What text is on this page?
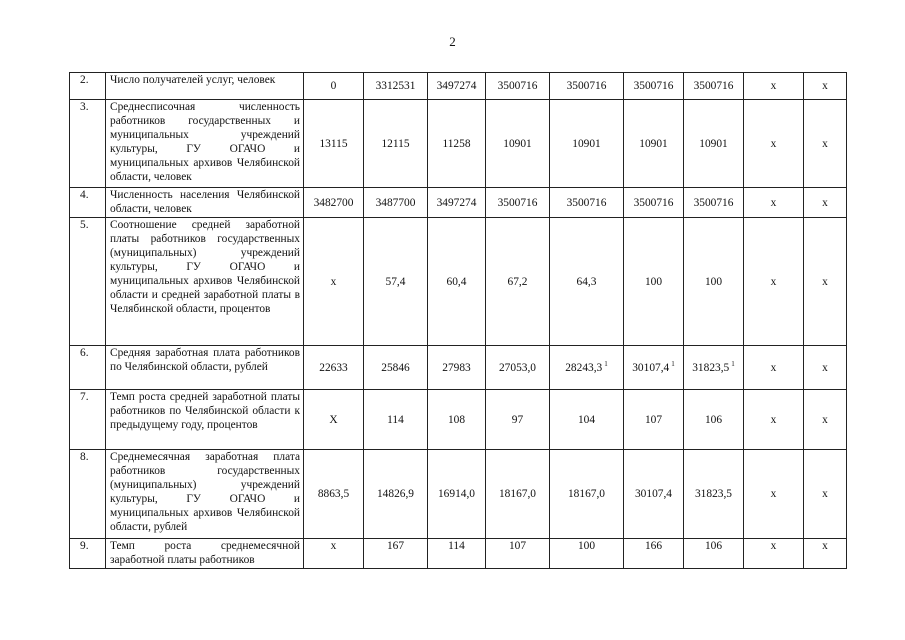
2
2.	Число получателей услуг, человек	0	3312531	3497274	3500716	3500716	3500716	3500716	х	х
3.	Среднесписочная численность работников государственных и муниципальных учреждений культуры, ГУ ОГАЧО и муниципальных архивов Челябинской области, человек	13115	12115	11258	10901	10901	10901	10901	х	х
4.	Численность населения Челябинской области, человек	3482700	3487700	3497274	3500716	3500716	3500716	3500716	х	х
5.	Соотношение средней заработной платы работников государственных (муниципальных) учреждений культуры, ГУ ОГАЧО и муниципальных архивов Челябинской области и средней заработной платы в Челябинской области, процентов	х	57,4	60,4	67,2	64,3	100	100	х	х
6.	Средняя заработная плата работников по Челябинской области, рублей	22633	25846	27983	27053,0	28243,3 $^1$	30107,4 $^1$	31823,5 $^1$	х	х
7.	Темп роста средней заработной платы работников по Челябинской области к предыдущему году, процентов	Х	114	108	97	104	107	106	х	х
8.	Среднемесячная заработная плата работников государственных (муниципальных) учреждений культуры, ГУ ОГАЧО и муниципальных архивов Челябинской области, рублей	8863,5	14826,9	16914,0	18167,0	18167,0	30107,4	31823,5	х	х
9.	Темп роста среднемесячной заработной платы работников	х	167	114	107	100	166	106	х	х
